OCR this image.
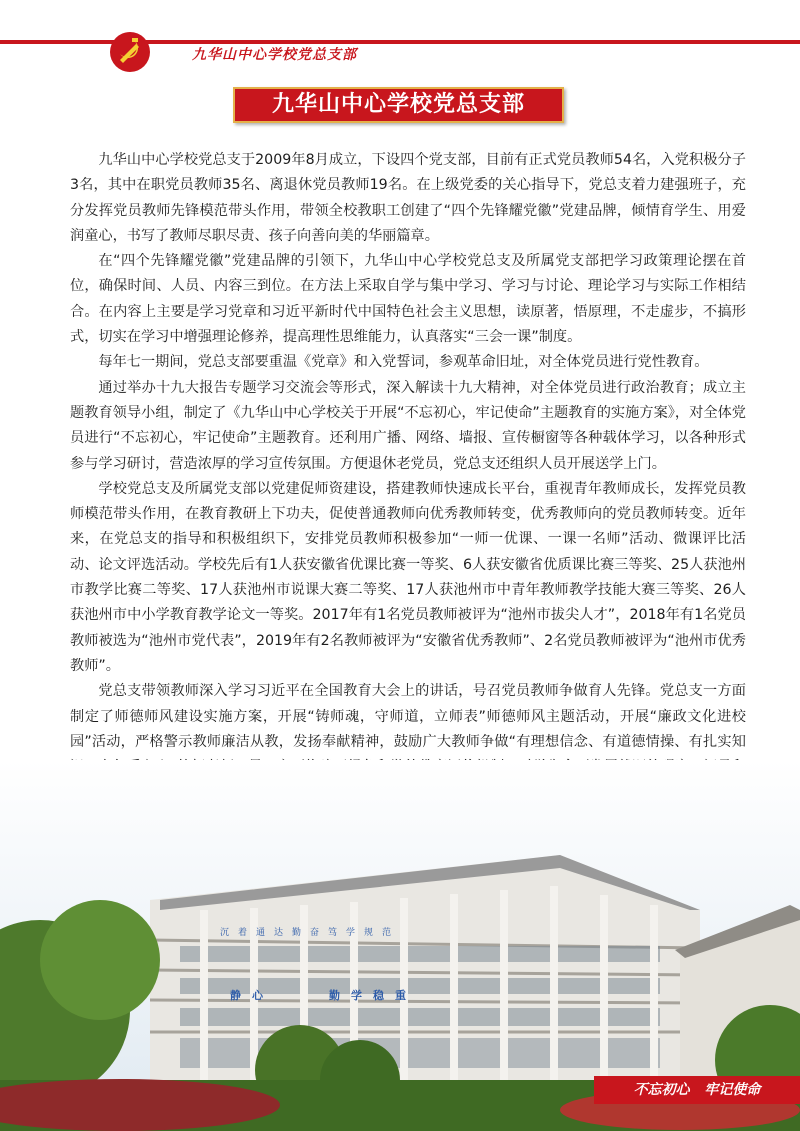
九华山中心学校党总支部
九华山中心学校党总支部

九华山中心学校党总支于2009年8月成立，下设四个党支部，目前有正式党员教师54名，入党积极分子3名，其中在职党员教师35名、离退休党员教师19名。在上级党委的关心指导下，党总支着力建强班子，充分发挥党员教师先锋模范带头作用，带领全校教职工创建了“四个先锋耀党徽”党建品牌，倾情育学生、用爱润童心，书写了教师尽职尽责、孩子向善向美的华丽篇章。

在“四个先锋耀党徽”党建品牌的引领下，九华山中心学校党总支及所属党支部把学习政策理论摆在首位，确保时间、人员、内容三到位。在方法上采取自学与集中学习、学习与讨论、理论学习与实际工作相结合。在内容上主要是学习党章和习近平新时代中国特色社会主义思想，读原著，悟原理，不走虚步，不搞形式，切实在学习中增强理论修养，提高理性思维能力，认真落实“三会一课”制度。

每年七一期间，党总支部要重温《党章》和入党誓词，参观革命旧址，对全体党员进行党性教育。

通过举办十九大报告专题学习交流会等形式，深入解读十九大精神，对全体党员进行政治教育；成立主题教育领导小组，制定了《九华山中心学校关于开展“不忘初心，牢记使命”主题教育的实施方案》，对全体党员进行“不忘初心，牢记使命”主题教育。还利用广播、网络、墙报、宣传橱窗等各种载体学习，以各种形式参与学习研讨，营造浓厚的学习宣传氛围。方便退休老党员，党总支还组织人员开展送学上门。

学校党总支及所属党支部以党建促师资建设，搭建教师快速成长平台，重视青年教师成长，发挥党员教师模范带头作用，在教育教研上下功夫，促使普通教师向优秀教师转变，优秀教师向的党员教师转变。近年来，在党总支的指导和积极组织下，安排党员教师积极参加“一师一优课、一课一名师”活动、微课评比活动、论文评选活动。学校先后有1人获安徽省优课比赛一等奖、6人获安徽省优质课比赛三等奖、25人获池州市教学比赛二等奖、17人获池州市说课大赛二等奖、17人获池州市中青年教师教学技能大赛三等奖、26人获池州市中小学教育教学论文一等奖。2017年有1名党员教师被评为“池州市拔尖人才”，2018年有1名党员教师被选为“池州市党代表”，2019年有2名教师被评为“安徽省优秀教师”、2名党员教师被评为“池州市优秀教师”。

党总支带领教师深入学习习近平在全国教育大会上的讲话，号召党员教师争做育人先锋。党总支一方面制定了师德师风建设实施方案，开展“铸师魂，守师道，立师表”师德师风主题活动，开展“廉政文化进校园”活动，严格警示教师廉洁从教，发扬奉献精神，鼓励广大教师争做“有理想信念、有道德情操、有扎实知

沉　着　通　达　勤　奋　笃　学　规　范
静　心　　　　　　勤　学　稳　重
不忘初心 牢记使命
